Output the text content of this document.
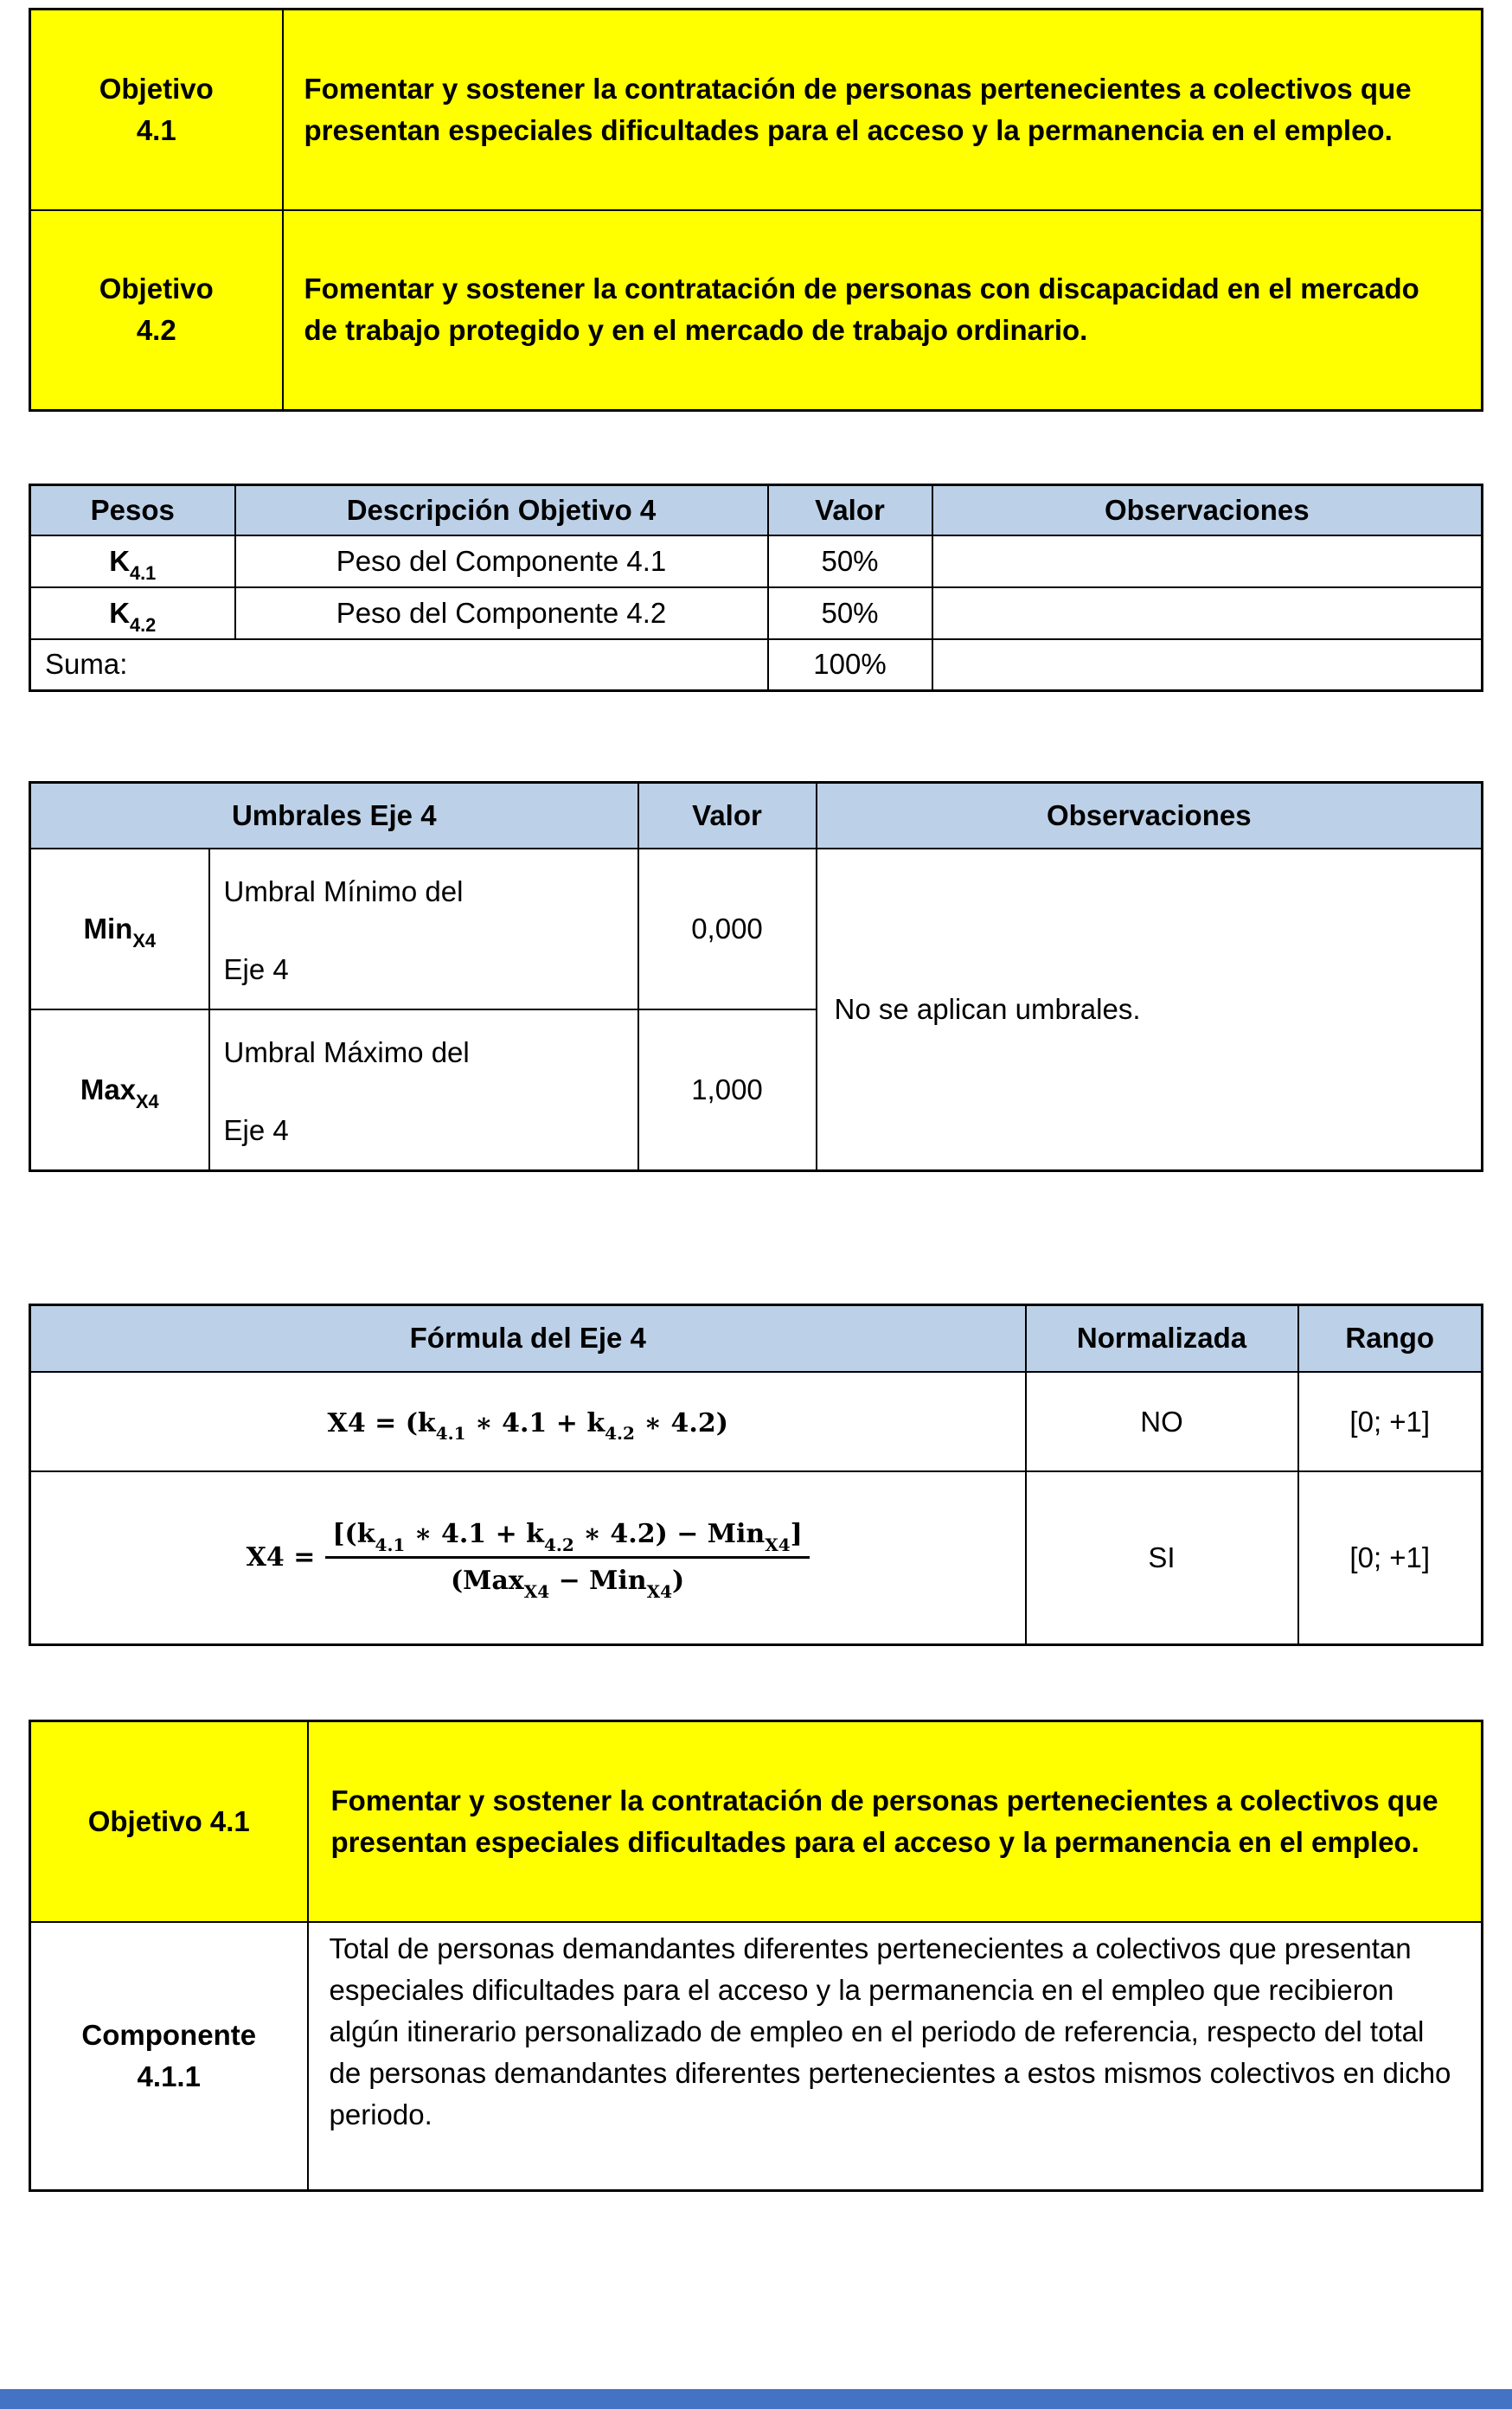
Objetivo
4.1	Fomentar y sostener la contratación de personas pertenecientes a colectivos que presentan especiales dificultades para el acceso y la permanencia en el empleo.

Objetivo
4.2	Fomentar y sostener la contratación de personas con discapacidad en el mercado de trabajo protegido y en el mercado de trabajo ordinario.
Pesos	Descripción Objetivo 4	Valor	Observaciones
$K_{4.1}$	Peso del Componente 4.1	50%	
$K_{4.2}$	Peso del Componente 4.2	50%	
Suma:		100%	
Umbrales Eje 4		Valor	Observaciones
Min$_{X4}$	Umbral Mínimo del
Eje 4	0,000	No se aplican umbrales.
Max$_{X4}$	Umbral Máximo del
Eje 4	1,000	
Fórmula del Eje 4	Normalizada	Rango
$X4 = (k_{4.1}$ ∗ $4.1 + k_{4.2}$ ∗ 4.2)	NO	[0; +1]
$X4 = \frac{[(k_{4.1} ∗ 4.1 + k_{4.2} ∗ 4.2) - Min_{X4}]}{(Max_{X4} - Min_{X4})}$	SI	[0; +1]
Objetivo 4.1	Fomentar y sostener la contratación de personas pertenecientes a colectivos que presentan especiales dificultades para el acceso y la permanencia en el empleo.

Componente
4.1.1	Total de personas demandantes diferentes pertenecientes a colectivos que presentan especiales dificultades para el acceso y la permanencia en el empleo que recibieron algún itinerario personalizado de empleo en el periodo de referencia, respecto del total de personas demandantes diferentes pertenecientes a estos mismos colectivos en dicho periodo.
